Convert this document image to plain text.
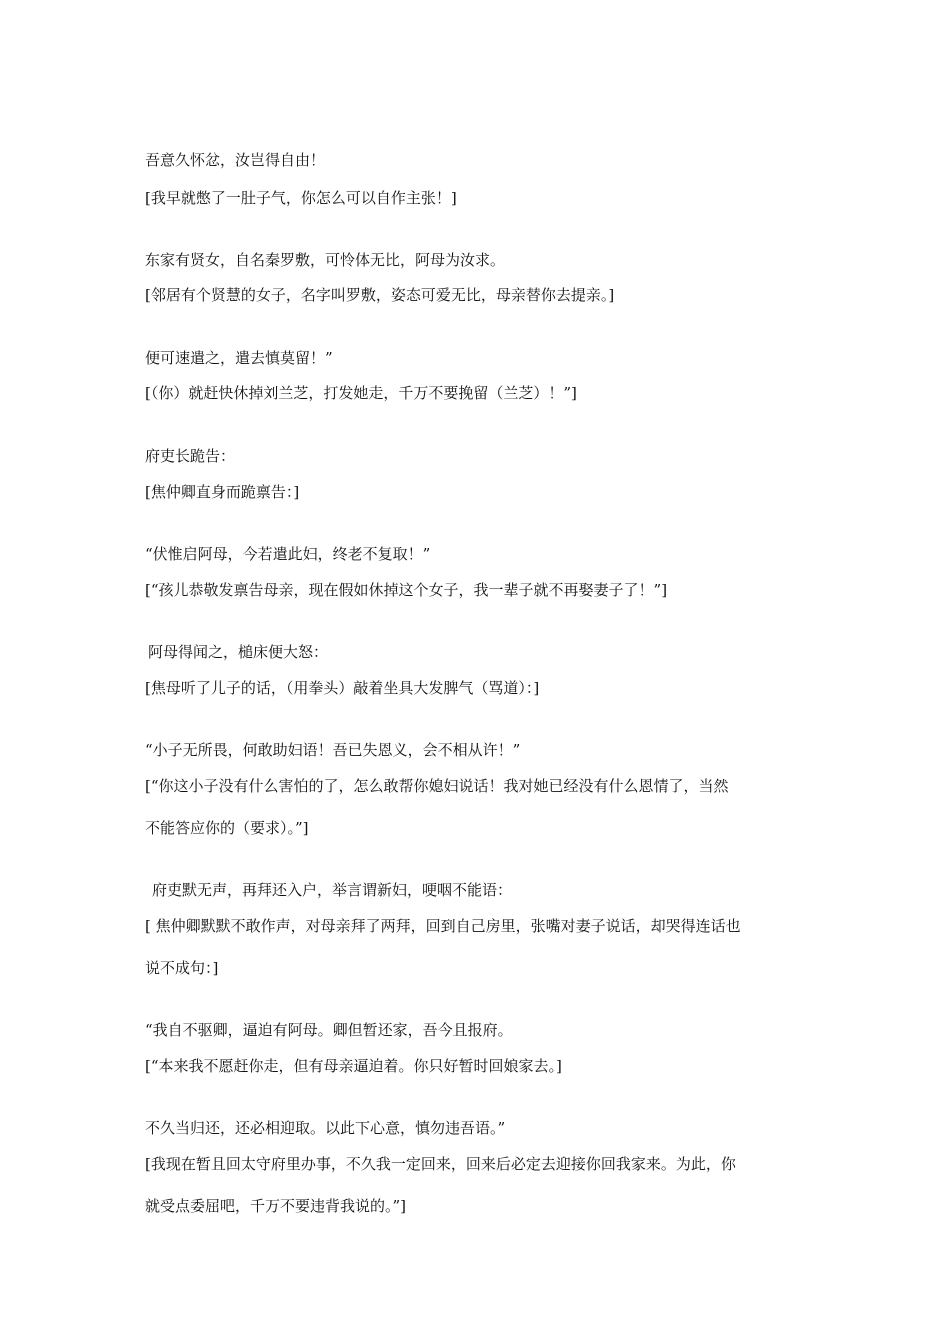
吾意久怀忿，汝岂得自由！
[我早就憋了一肚子气，你怎么可以自作主张！]
东家有贤女，自名秦罗敷，可怜体无比，阿母为汝求。
[邻居有个贤慧的女子，名字叫罗敷，姿态可爱无比，母亲替你去提亲。]
便可速遣之，遣去慎莫留！”
[（你）就赶快休掉刘兰芝，打发她走，千万不要挽留（兰芝）！”]
府吏长跪告：
[焦仲卿直身而跪禀告：]
“伏惟启阿母，今若遣此妇，终老不复取！”
[“孩儿恭敬发禀告母亲，现在假如休掉这个女子，我一辈子就不再娶妻子了！”]
阿母得闻之，槌床便大怒：
[焦母听了儿子的话，（用拳头）敲着坐具大发脾气（骂道）：]
“小子无所畏，何敢助妇语！吾已失恩义，会不相从许！”
[“你这小子没有什么害怕的了，怎么敢帮你媳妇说话！我对她已经没有什么恩情了，当然
不能答应你的（要求）。”]
府吏默无声，再拜还入户，举言谓新妇，哽咽不能语：
[ 焦仲卿默默不敢作声，对母亲拜了两拜，回到自己房里，张嘴对妻子说话，却哭得连话也
说不成句：]
“我自不驱卿，逼迫有阿母。卿但暂还家，吾今且报府。
[“本来我不愿赶你走，但有母亲逼迫着。你只好暂时回娘家去。]
不久当归还，还必相迎取。以此下心意，慎勿违吾语。”
[我现在暂且回太守府里办事，不久我一定回来，回来后必定去迎接你回我家来。为此，你
就受点委屈吧，千万不要违背我说的。”]
